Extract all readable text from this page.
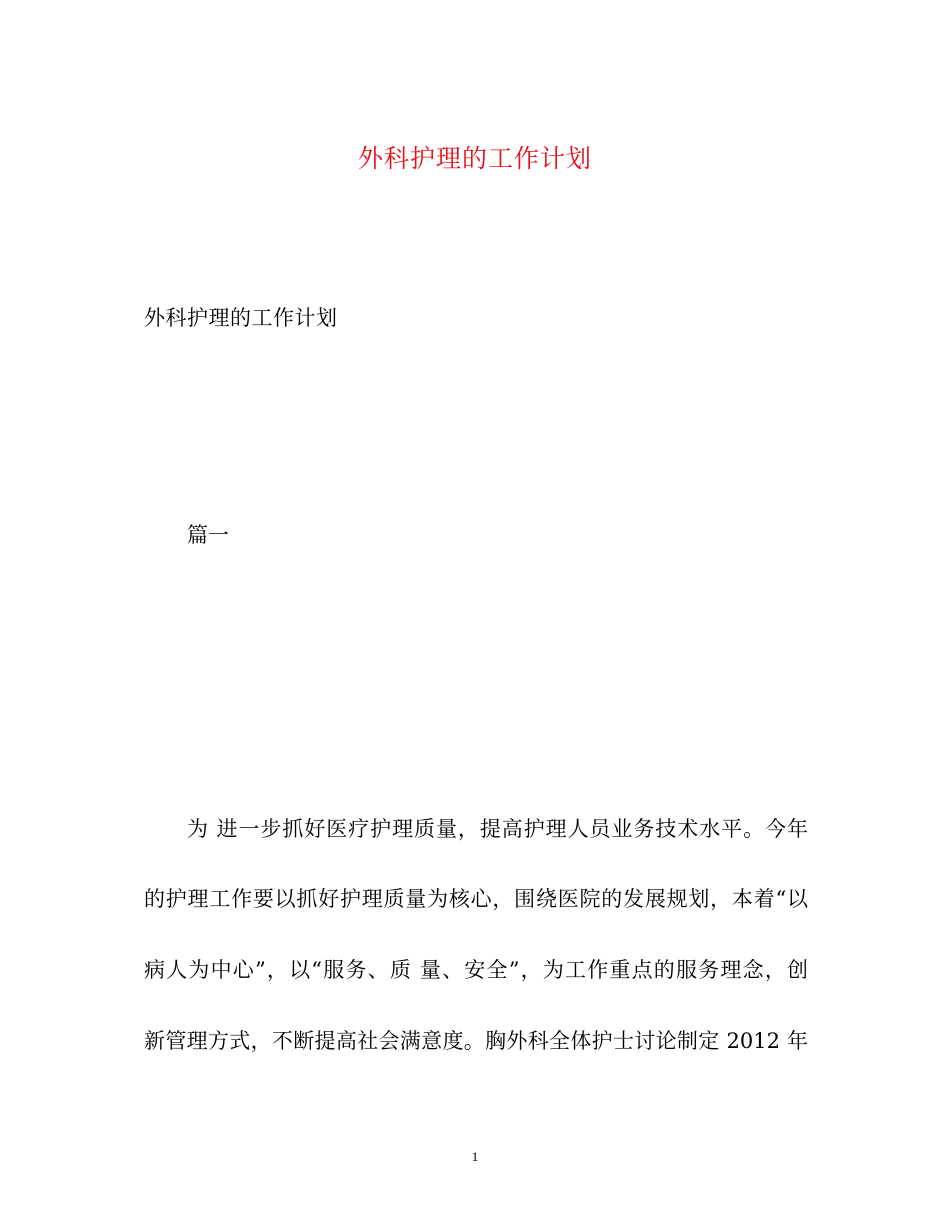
外科护理的工作计划
外科护理的工作计划
篇一
为 进一步抓好医疗护理质量，提高护理人员业务技术水平。今年
的护理工作要以抓好护理质量为核心，围绕医院的发展规划，本着“以
病人为中心”，以“服务、质 量、安全”，为工作重点的服务理念，创
新管理方式，不断提高社会满意度。胸外科全体护士讨论制定 2012 年
1
